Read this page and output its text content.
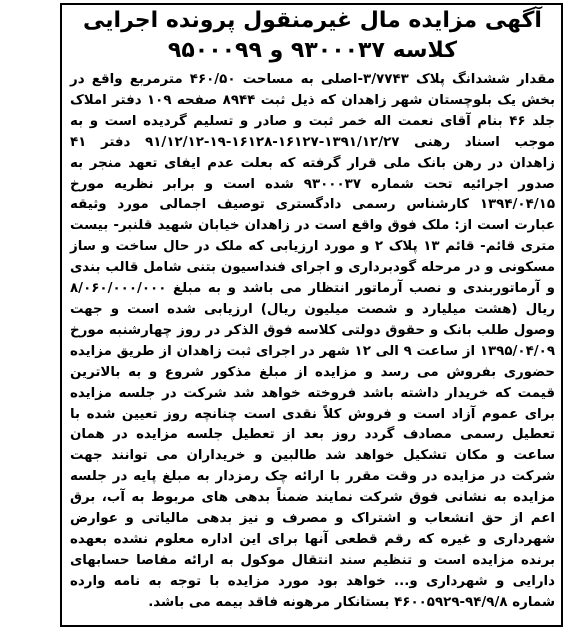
آگهی مزایده مال غیرمنقول پرونده اجرایی کلاسه ۹۳۰۰۰۳۷ و ۹۵۰۰۰۹۹

مقدار ششدانگ پلاک ۳/۷۷۴۳-اصلی به مساحت ۴۶۰/۵۰ مترمربع واقع در بخش یک بلوچستان شهر زاهدان که ذیل ثبت ۸۹۴۴ صفحه ۱۰۹ دفتر املاک جلد ۴۶ بنام آقای نعمت اله خمر ثبت و صادر و تسلیم گردیده است و به موجب اسناد رهنی ۱۳۹۱/۱۲/۲۷-۱۶۱۲۷-۱۶۱۲۸-۱۹-۹۱/۱۲/۱۲ دفتر ۴۱ زاهدان در رهن بانک ملی قرار گرفته که بعلت عدم ایفای تعهد منجر به صدور اجرائیه تحت شماره ۹۳۰۰۰۳۷ شده است و برابر نظریه مورخ ۱۳۹۴/۰۴/۱۵ کارشناس رسمی دادگستری توصیف اجمالی مورد وثیقه عبارت است از: ملک فوق واقع است در زاهدان خیابان شهید قلنبر- بیست متری قائم- قائم ۱۳ پلاک ۲ و مورد ارزیابی که ملک در حال ساخت و ساز مسکونی و در مرحله گودبرداری و اجرای فنداسیون بتنی شامل قالب بندی و آرماتوربندی و نصب آرماتور انتظار می باشد و به مبلغ ۸/۰۶۰/۰۰۰/۰۰۰ ریال (هشت میلیارد و شصت میلیون ریال) ارزیابی شده است و جهت وصول طلب بانک و حقوق دولتی کلاسه فوق الذکر در روز چهارشنبه مورخ ۱۳۹۵/۰۴/۰۹ از ساعت ۹ الی ۱۲ شهر در اجرای ثبت زاهدان از طریق مزایده حضوری بفروش می رسد و مزایده از مبلغ مذکور شروع و به بالاترین قیمت که خریدار داشته باشد فروخته خواهد شد شرکت در جلسه مزایده برای عموم آزاد است و فروش کلاً نقدی است چنانچه روز تعیین شده با تعطیل رسمی مصادف گردد روز بعد از تعطیل جلسه مزایده در همان ساعت و مکان تشکیل خواهد شد طالبین و خریداران می توانند جهت شرکت در مزایده در وقت مقرر با ارائه چک رمزدار به مبلغ پایه در جلسه مزایده به نشانی فوق شرکت نمایند ضمناً بدهی های مربوط به آب، برق اعم از حق انشعاب و اشتراک و مصرف و نیز بدهی مالیاتی و عوارض شهرداری و غیره که رقم قطعی آنها برای این اداره معلوم نشده بعهده برنده مزایده است و تنظیم سند انتقال موکول به ارائه مفاصا حسابهای دارایی و شهرداری و... خواهد بود مورد مزایده با توجه به نامه وارده شماره ۹۴/۹/۸-۴۶۰۰۵۹۲۹ بستانکار مرهونه فاقد بیمه می باشد.
